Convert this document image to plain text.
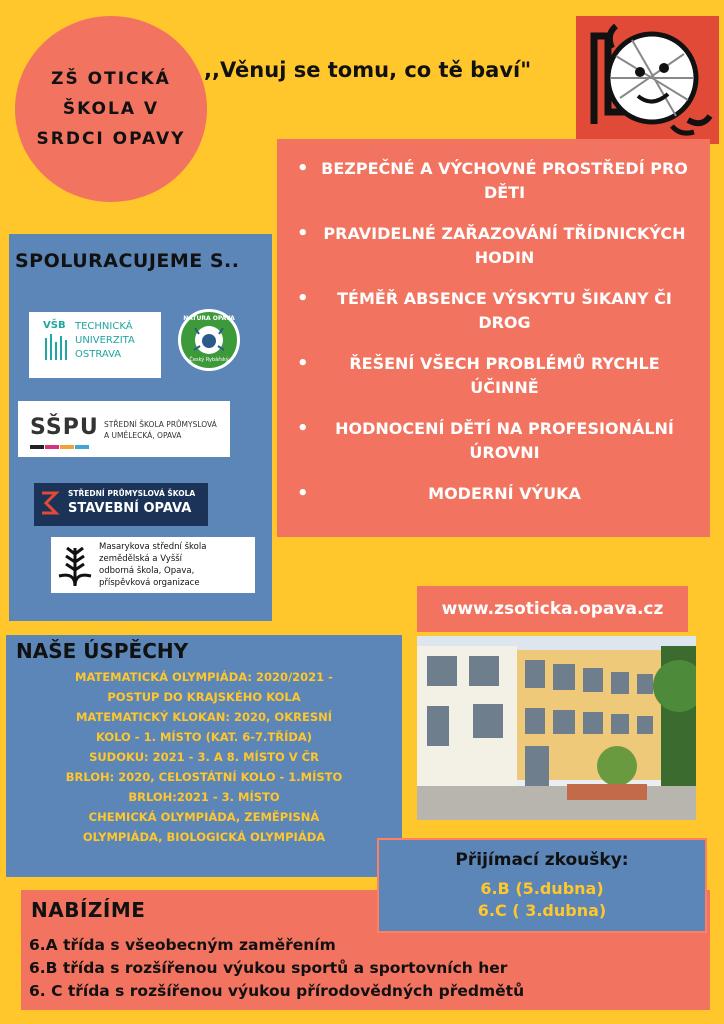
ZŠ OTICKÁ
ŠKOLA V
SRDCI OPAVY
,,Věnuj se tomu, co tě baví"
• BEZPEČNÉ A VÝCHOVNÉ PROSTŘEDÍ PRO DĚTI
• PRAVIDELNÉ ZAŘAZOVÁNÍ TŘÍDNICKÝCH HODIN
• TÉMĚŘ ABSENCE VÝSKYTU ŠIKANY ČI DROG
• ŘEŠENÍ VŠECH PROBLÉMŮ RYCHLE ÚČINNĚ
• HODNOCENÍ DĚTÍ NA PROFESIONÁLNÍ ÚROVNI
• MODERNÍ VÝUKA
SPOLURACUJEME S..
VŠB TECHNICKÁ
UNIVERZITA
OSTRAVA
NATURA OPAVA
Český Rybářský
SŠPU STŘEDNÍ ŠKOLA PRŮMYSLOVÁ
A UMĚLECKÁ, OPAVA
STŘEDNÍ PRŮMYSLOVÁ ŠKOLA
STAVEBNÍ OPAVA
Masarykova střední škola
zemědělská a Vyšší
odborná škola, Opava,
příspěvková organizace
NAŠE ÚSPĚCHY
MATEMATICKÁ OLYMPIÁDA: 2020/2021 -
POSTUP DO KRAJSKÉHO KOLA
MATEMATICKÝ KLOKAN: 2020, OKRESNÍ
KOLO - 1. MÍSTO (KAT. 6-7.TŘÍDA)
SUDOKU: 2021 - 3. A 8. MÍSTO V ČR
BRLOH: 2020, CELOSTÁTNÍ KOLO - 1.MÍSTO
BRLOH:2021 - 3. MÍSTO
CHEMICKÁ OLYMPIÁDA, ZEMĚPISNÁ
OLYMPIÁDA, BIOLOGICKÁ OLYMPIÁDA
www.zsoticka.opava.cz
NABÍZÍME
6.A třída s všeobecným zaměřením
6.B třída s rozšířenou výukou sportů a sportovních her
6. C třída s rozšířenou výukou přírodovědných předmětů
Přijímací zkoušky:
6.B (5.dubna)
6.C ( 3.dubna)
